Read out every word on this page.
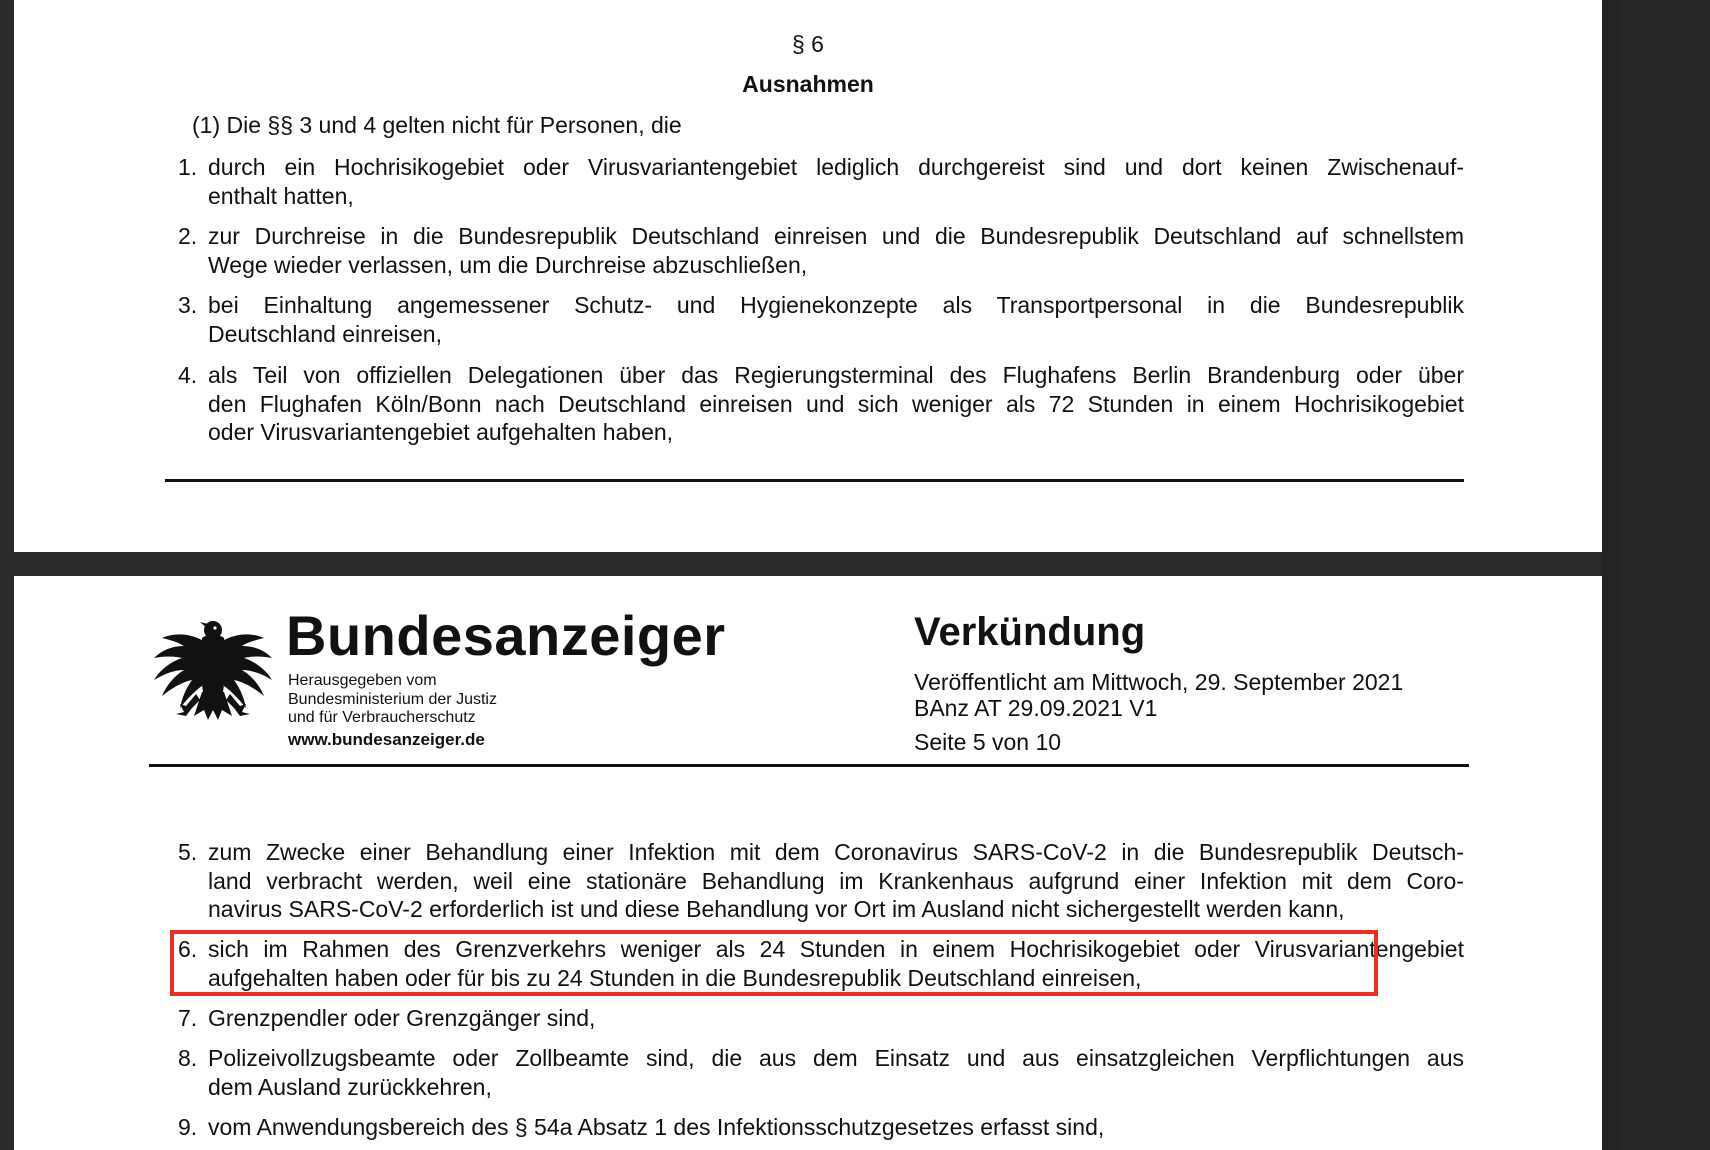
§ 6
Ausnahmen
(1) Die §§ 3 und 4 gelten nicht für Personen, die
1. durch ein Hochrisikogebiet oder Virusvariantengebiet lediglich durchgereist sind und dort keinen Zwischenauf-
enthalt hatten,
2. zur Durchreise in die Bundesrepublik Deutschland einreisen und die Bundesrepublik Deutschland auf schnellstem
Wege wieder verlassen, um die Durchreise abzuschließen,
3. bei Einhaltung angemessener Schutz- und Hygienekonzepte als Transportpersonal in die Bundesrepublik
Deutschland einreisen,
4. als Teil von offiziellen Delegationen über das Regierungsterminal des Flughafens Berlin Brandenburg oder über
den Flughafen Köln/Bonn nach Deutschland einreisen und sich weniger als 72 Stunden in einem Hochrisikogebiet
oder Virusvariantengebiet aufgehalten haben,
Bundesanzeiger
Herausgegeben vom
Bundesministerium der Justiz
und für Verbraucherschutz
www.bundesanzeiger.de
Verkündung
Veröffentlicht am Mittwoch, 29. September 2021
BAnz AT 29.09.2021 V1
Seite 5 von 10
5. zum Zwecke einer Behandlung einer Infektion mit dem Coronavirus SARS-CoV-2 in die Bundesrepublik Deutsch-
land verbracht werden, weil eine stationäre Behandlung im Krankenhaus aufgrund einer Infektion mit dem Coro-
navirus SARS-CoV-2 erforderlich ist und diese Behandlung vor Ort im Ausland nicht sichergestellt werden kann,
6. sich im Rahmen des Grenzverkehrs weniger als 24 Stunden in einem Hochrisikogebiet oder Virusvariantengebiet
aufgehalten haben oder für bis zu 24 Stunden in die Bundesrepublik Deutschland einreisen,
7. Grenzpendler oder Grenzgänger sind,
8. Polizeivollzugsbeamte oder Zollbeamte sind, die aus dem Einsatz und aus einsatzgleichen Verpflichtungen aus
dem Ausland zurückkehren,
9. vom Anwendungsbereich des § 54a Absatz 1 des Infektionsschutzgesetzes erfasst sind,
